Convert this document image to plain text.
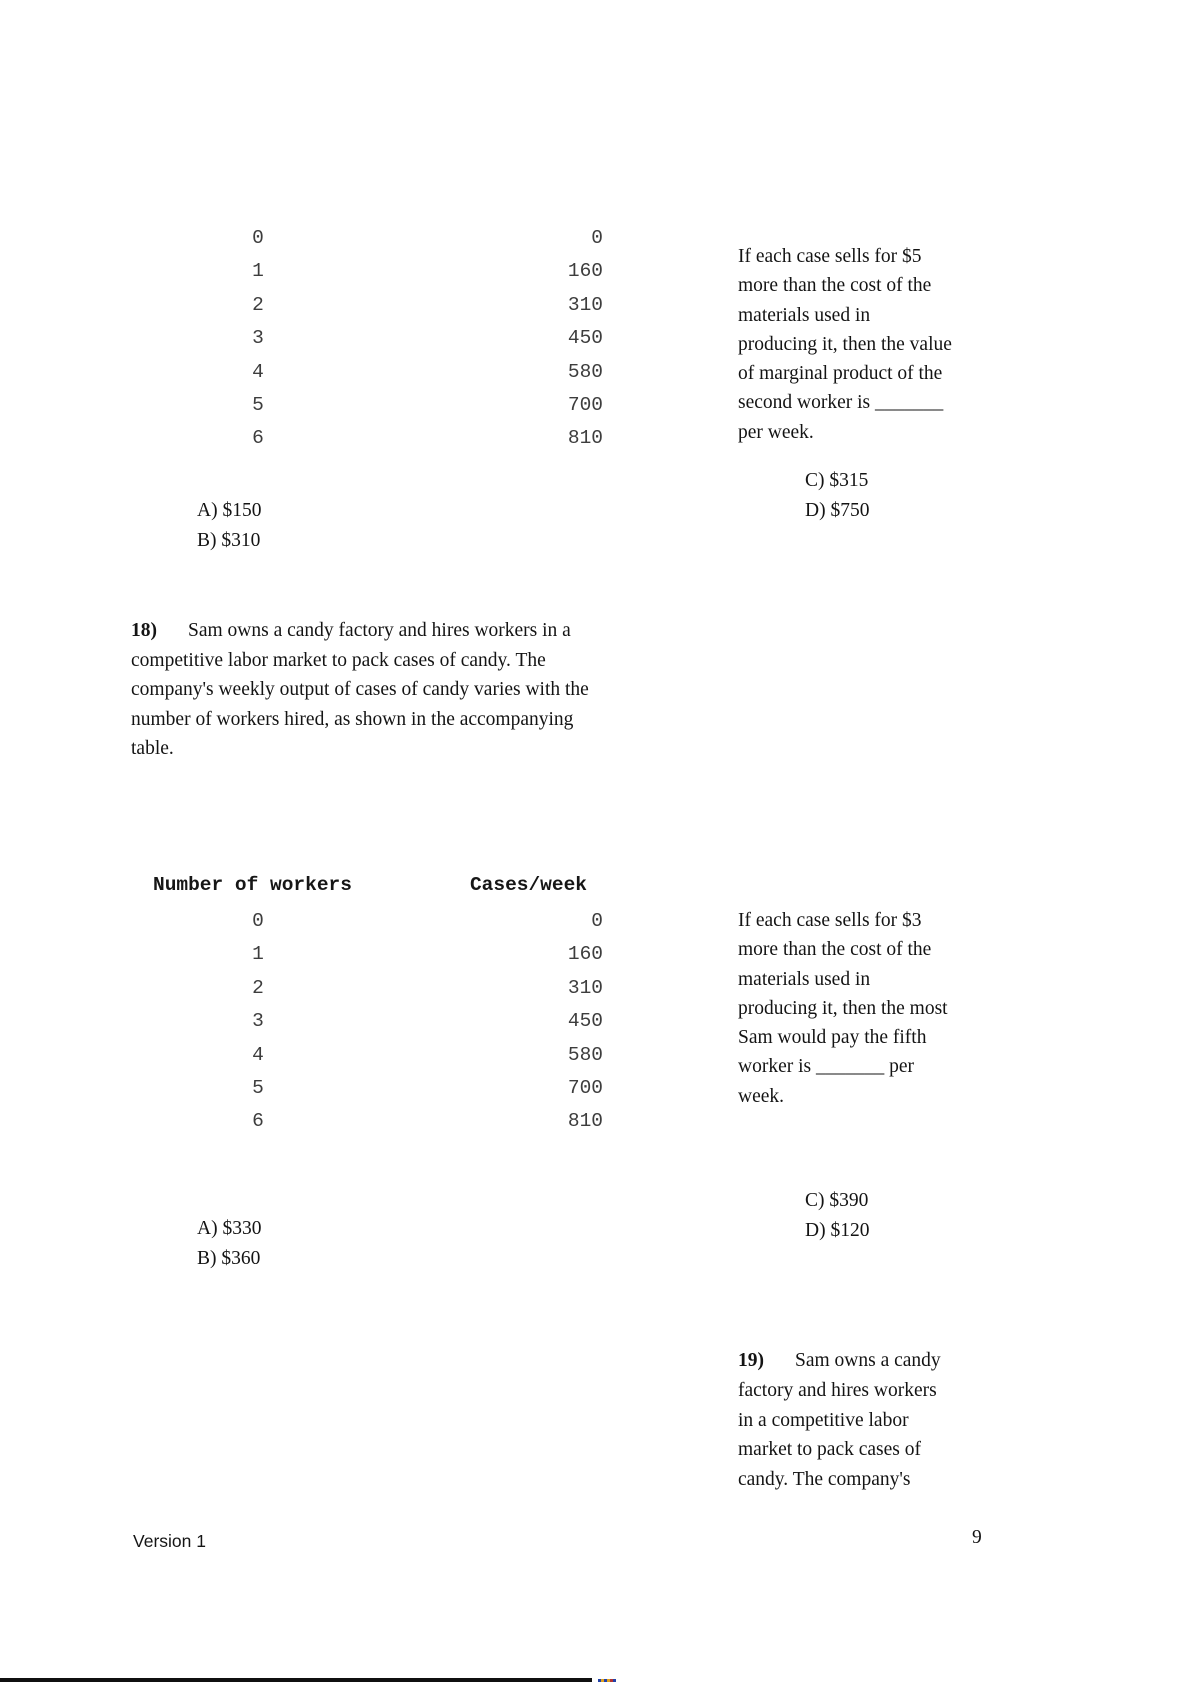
0	0
1	160
2	310
3	450
4	580
5	700
6	810
If each case sells for $5
more than the cost of the
materials used in
producing it, then the value
of marginal product of the
second worker is _______
per week.
C) $315
D) $750
A) $150
B) $310
18) Sam owns a candy factory and hires workers in a
competitive labor market to pack cases of candy. The
company's weekly output of cases of candy varies with the
number of workers hired, as shown in the accompanying
table.
Number of workers	Cases/week
0	0
1	160
2	310
3	450
4	580
5	700
6	810
If each case sells for $3
more than the cost of the
materials used in
producing it, then the most
Sam would pay the fifth
worker is _______ per
week.
C) $390
D) $120
A) $330
B) $360
19) Sam owns a candy
factory and hires workers
in a competitive labor
market to pack cases of
candy. The company's
Version 1	9
